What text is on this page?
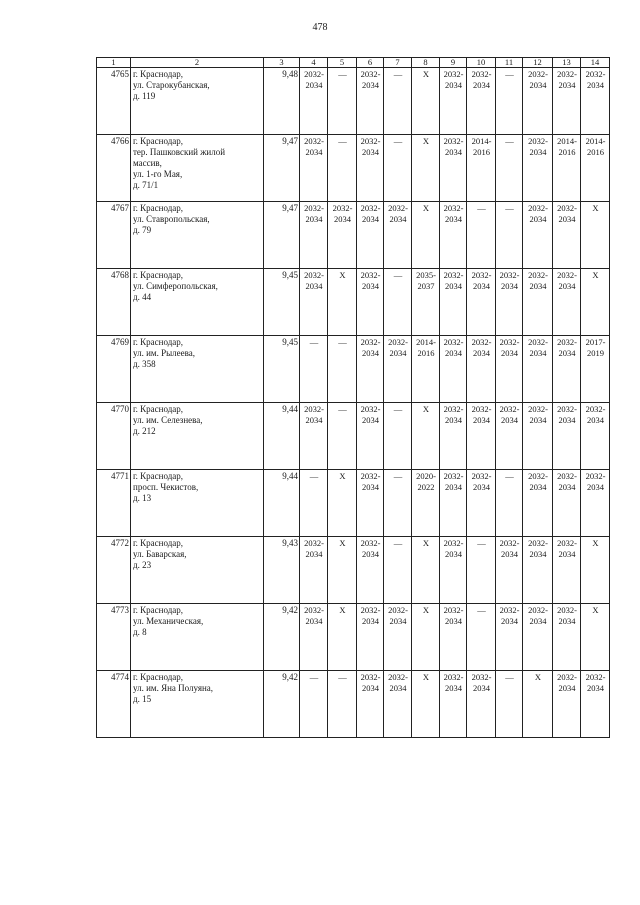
478
1	2	3	4	5	6	7	8	9	10	11	12	13	14
4765	г. Краснодар,
ул. Старокубанская,
д. 119	9,48	2032-2034	—	2032-2034	—	X	2032-2034	2032-2034	—	2032-2034	2032-2034	2032-2034
4766	г. Краснодар,
тер. Пашковский жилой
массив,
ул. 1-го Мая,
д. 71/1	9,47	2032-2034	—	2032-2034	—	X	2032-2034	2014-2016	—	2032-2034	2014-2016	2014-2016
4767	г. Краснодар,
ул. Ставропольская,
д. 79	9,47	2032-2034	2032-2034	2032-2034	2032-2034	X	2032-2034	—	—	2032-2034	2032-2034	X
4768	г. Краснодар,
ул. Симферопольская,
д. 44	9,45	2032-2034	X	2032-2034	—	2035-2037	2032-2034	2032-2034	2032-2034	2032-2034	2032-2034	X
4769	г. Краснодар,
ул. им. Рылеева,
д. 358	9,45	—	—	2032-2034	2032-2034	2014-2016	2032-2034	2032-2034	2032-2034	2032-2034	2032-2034	2017-2019
4770	г. Краснодар,
ул. им. Селезнева,
д. 212	9,44	2032-2034	—	2032-2034	—	X	2032-2034	2032-2034	2032-2034	2032-2034	2032-2034	2032-2034
4771	г. Краснодар,
просп. Чекистов,
д. 13	9,44	—	X	2032-2034	—	2020-2022	2032-2034	2032-2034	—	2032-2034	2032-2034	2032-2034
4772	г. Краснодар,
ул. Баварская,
д. 23	9,43	2032-2034	X	2032-2034	—	X	2032-2034	—	2032-2034	2032-2034	2032-2034	X
4773	г. Краснодар,
ул. Механическая,
д. 8	9,42	2032-2034	X	2032-2034	2032-2034	X	2032-2034	—	2032-2034	2032-2034	2032-2034	X
4774	г. Краснодар,
ул. им. Яна Полуяна,
д. 15	9,42	—	—	2032-2034	2032-2034	X	2032-2034	2032-2034	—	X	2032-2034	2032-2034
